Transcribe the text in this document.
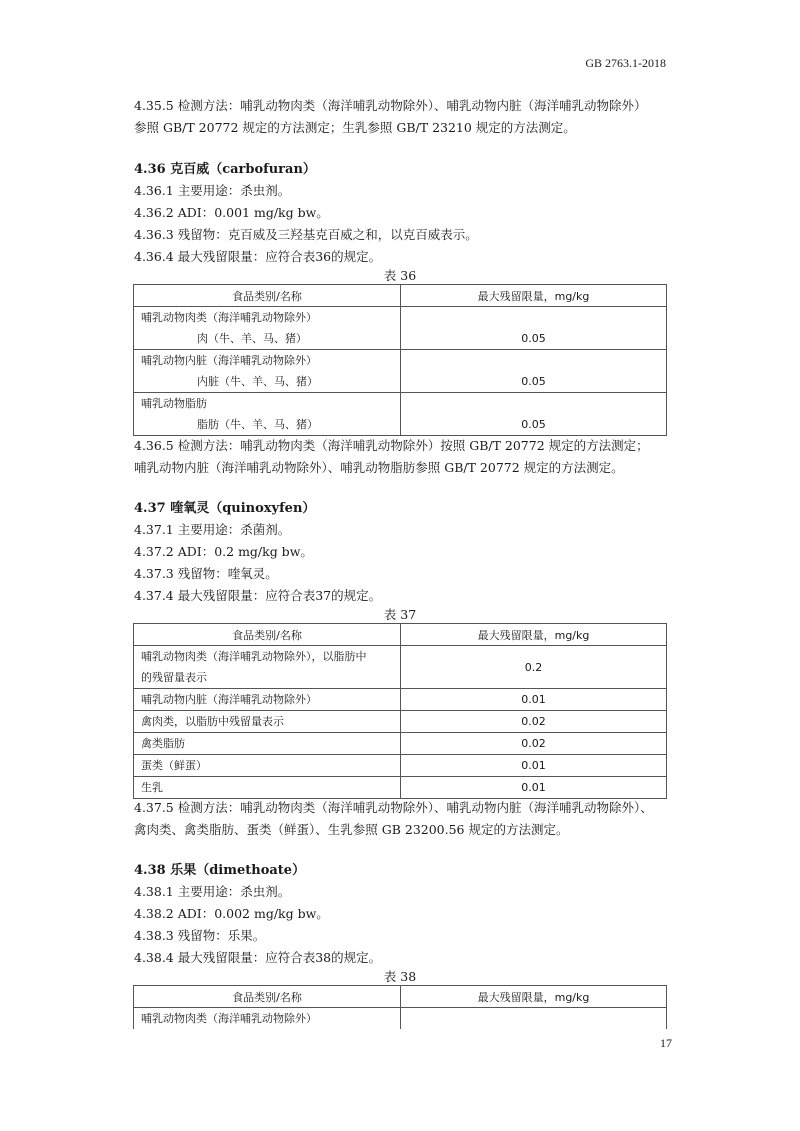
GB 2763.1-2018
4.35.5 检测方法：哺乳动物肉类（海洋哺乳动物除外）、哺乳动物内脏（海洋哺乳动物除外）
参照 GB/T 20772 规定的方法测定；生乳参照 GB/T 23210 规定的方法测定。
4.36 克百威（carbofuran）
4.36.1 主要用途：杀虫剂。
4.36.2 ADI：0.001 mg/kg bw。
4.36.3 残留物：克百威及三羟基克百威之和，以克百威表示。
4.36.4 最大残留限量：应符合表36的规定。
表 36
食品类别/名称	最大残留限量，mg/kg

哺乳动物肉类（海洋哺乳动物除外）
肉（牛、羊、马、猪）	0.05

哺乳动物内脏（海洋哺乳动物除外）
内脏（牛、羊、马、猪）	0.05

哺乳动物脂肪
脂肪（牛、羊、马、猪）	0.05
4.36.5 检测方法：哺乳动物肉类（海洋哺乳动物除外）按照 GB/T 20772 规定的方法测定；
哺乳动物内脏（海洋哺乳动物除外）、哺乳动物脂肪参照 GB/T 20772 规定的方法测定。
4.37 喹氧灵（quinoxyfen）
4.37.1 主要用途：杀菌剂。
4.37.2 ADI：0.2 mg/kg bw。
4.37.3 残留物：喹氧灵。
4.37.4 最大残留限量：应符合表37的规定。
表 37
食品类别/名称	最大残留限量，mg/kg

哺乳动物肉类（海洋哺乳动物除外），以脂肪中
的残留量表示	0.2

哺乳动物内脏（海洋哺乳动物除外）	0.01

禽肉类，以脂肪中残留量表示	0.02

禽类脂肪	0.02

蛋类（鲜蛋）	0.01

生乳	0.01
4.37.5 检测方法：哺乳动物肉类（海洋哺乳动物除外）、哺乳动物内脏（海洋哺乳动物除外）、
禽肉类、禽类脂肪、蛋类（鲜蛋）、生乳参照 GB 23200.56 规定的方法测定。
4.38 乐果（dimethoate）
4.38.1 主要用途：杀虫剂。
4.38.2 ADI：0.002 mg/kg bw。
4.38.3 残留物：乐果。
4.38.4 最大残留限量：应符合表38的规定。
表 38
食品类别/名称	最大残留限量，mg/kg

哺乳动物肉类（海洋哺乳动物除外）	

17
